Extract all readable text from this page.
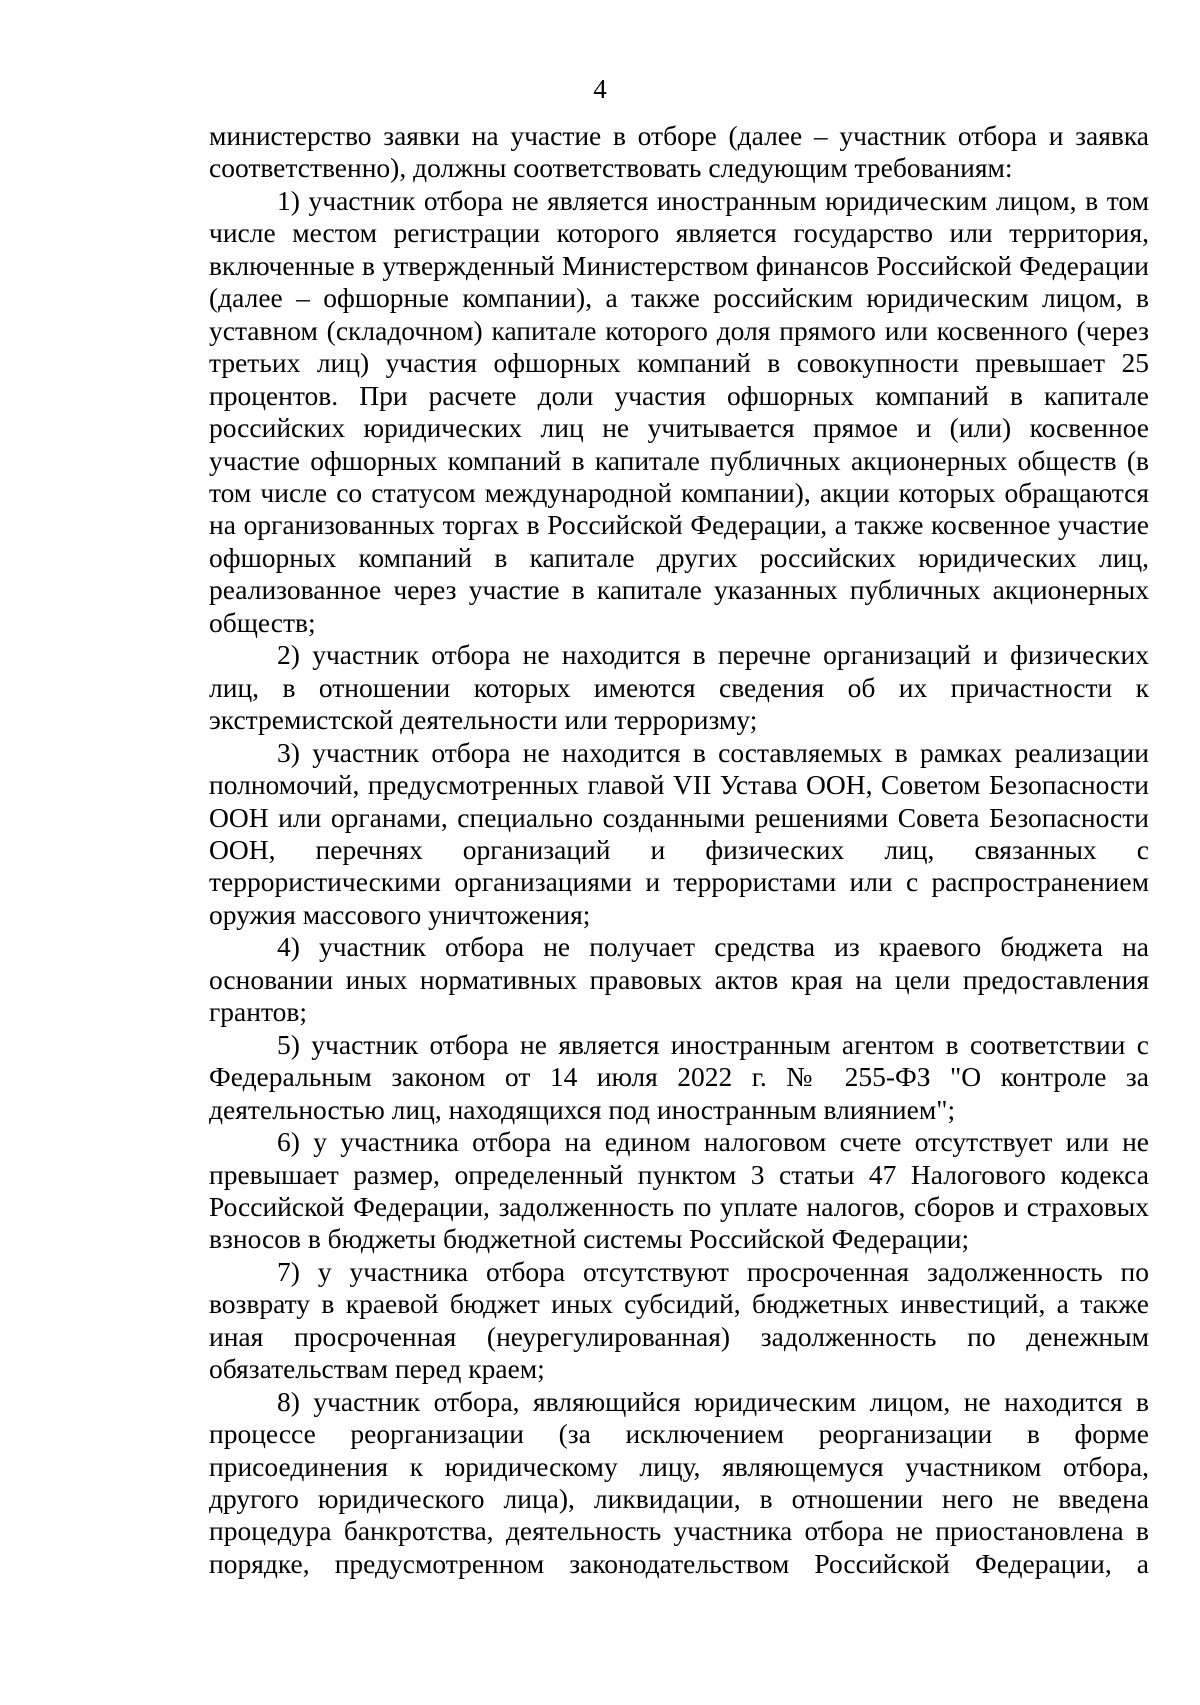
4

министерство заявки на участие в отборе (далее – участник отбора и заявка соответственно), должны соответствовать следующим требованиям:

1) участник отбора не является иностранным юридическим лицом, в том числе местом регистрации которого является государство или территория, включенные в утвержденный Министерством финансов Российской Федерации (далее – офшорные компании), а также российским юридическим лицом, в уставном (складочном) капитале которого доля прямого или косвенного (через третьих лиц) участия офшорных компаний в совокупности превышает 25 процентов. При расчете доли участия офшорных компаний в капитале российских юридических лиц не учитывается прямое и (или) косвенное участие офшорных компаний в капитале публичных акционерных обществ (в том числе со статусом международной компании), акции которых обращаются на организованных торгах в Российской Федерации, а также косвенное участие офшорных компаний в капитале других российских юридических лиц, реализованное через участие в капитале указанных публичных акционерных обществ;

2) участник отбора не находится в перечне организаций и физических лиц, в отношении которых имеются сведения об их причастности к экстремистской деятельности или терроризму;

3) участник отбора не находится в составляемых в рамках реализации полномочий, предусмотренных главой VII Устава ООН, Советом Безопасности ООН или органами, специально созданными решениями Совета Безопасности ООН, перечнях организаций и физических лиц, связанных с террористическими организациями и террористами или с распространением оружия массового уничтожения;

4) участник отбора не получает средства из краевого бюджета на основании иных нормативных правовых актов края на цели предоставления грантов;

5) участник отбора не является иностранным агентом в соответствии с Федеральным законом от 14 июля 2022 г. № 255-ФЗ "О контроле за деятельностью лиц, находящихся под иностранным влиянием";

6) у участника отбора на едином налоговом счете отсутствует или не превышает размер, определенный пунктом 3 статьи 47 Налогового кодекса Российской Федерации, задолженность по уплате налогов, сборов и страховых взносов в бюджеты бюджетной системы Российской Федерации;

7) у участника отбора отсутствуют просроченная задолженность по возврату в краевой бюджет иных субсидий, бюджетных инвестиций, а также иная просроченная (неурегулированная) задолженность по денежным обязательствам перед краем;

8) участник отбора, являющийся юридическим лицом, не находится в процессе реорганизации (за исключением реорганизации в форме присоединения к юридическому лицу, являющемуся участником отбора, другого юридического лица), ликвидации, в отношении него не введена процедура банкротства, деятельность участника отбора не приостановлена в порядке, предусмотренном законодательством Российской Федерации, а
